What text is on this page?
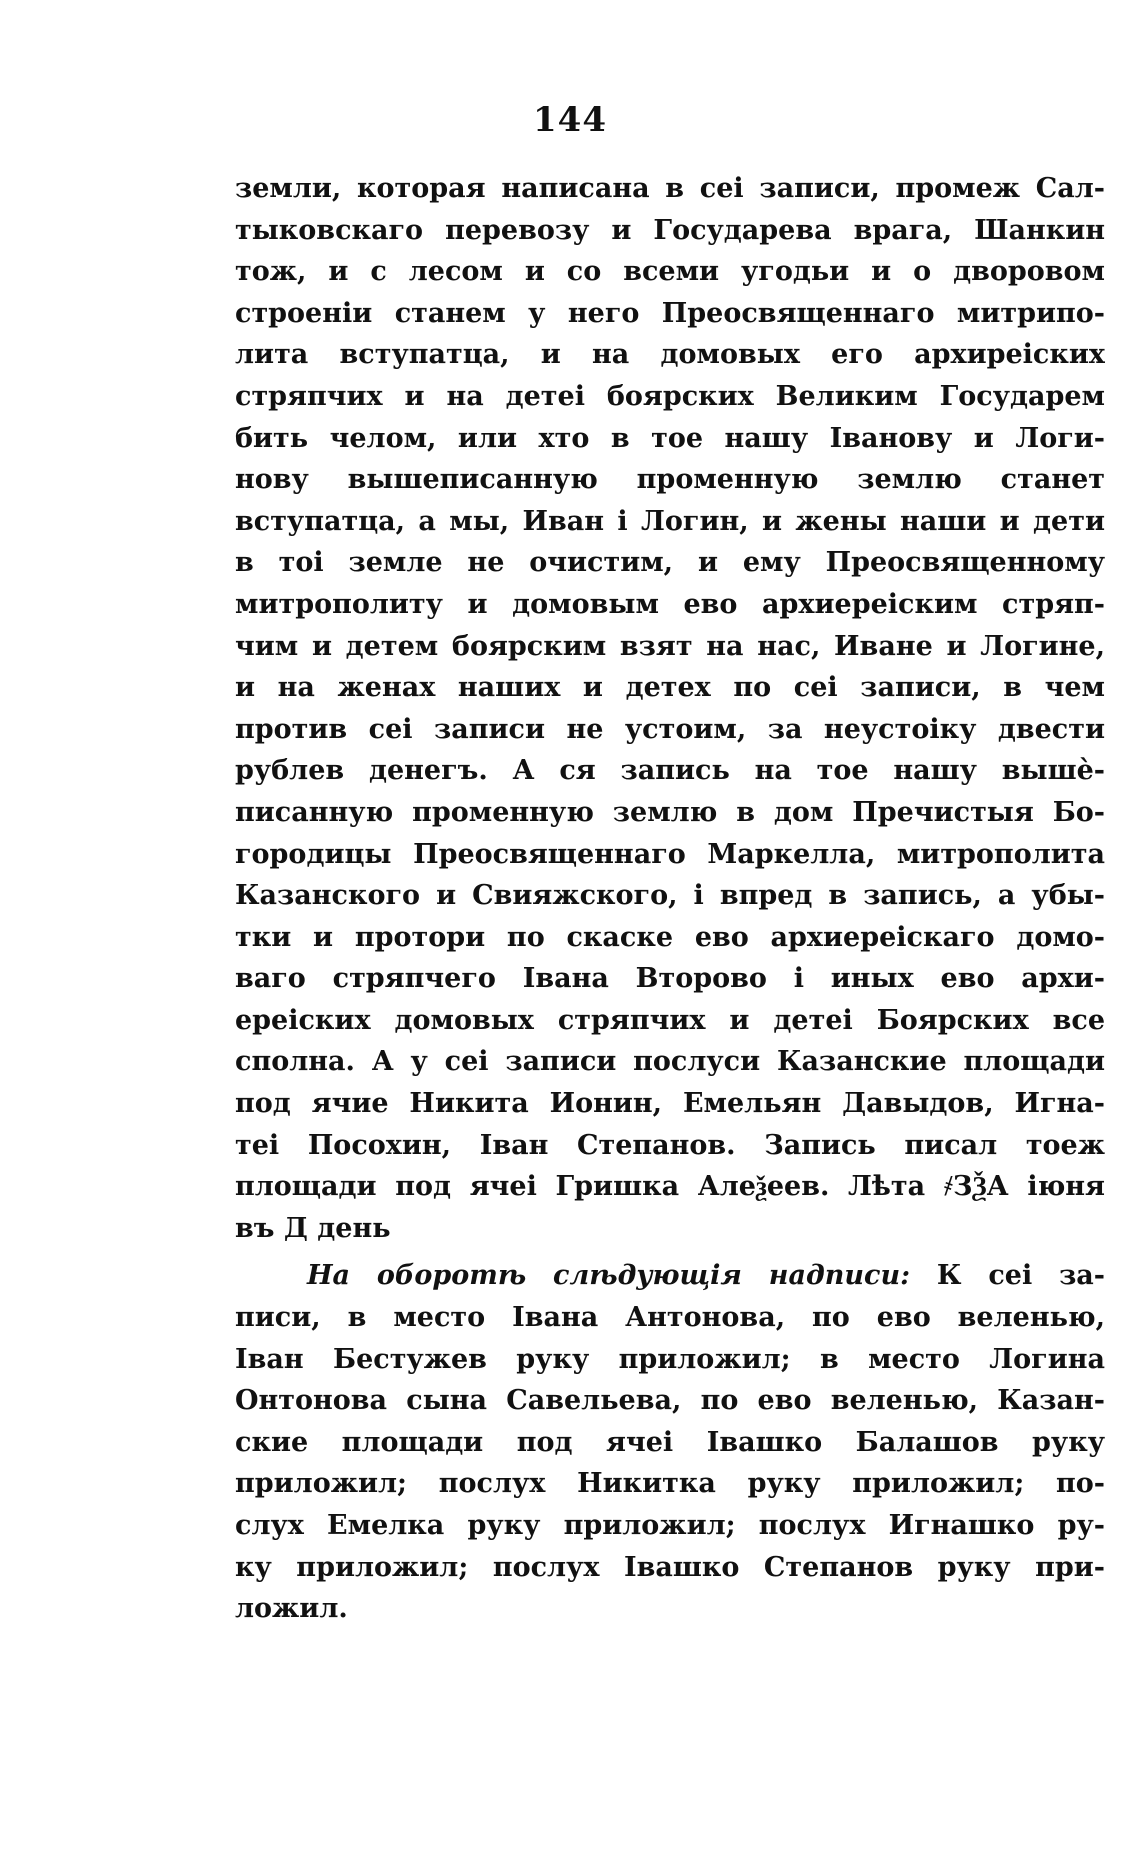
144
земли, которая написана в сеі записи, промеж Сал-
тыковскаго перевозу и Государева врага, Шанкин
тож, и с лесом и со всеми угодьи и о дворовом
строеніи станем у него Преосвященнаго митрипо-
лита вступатца, и на домовых его архиреіских
стряпчих и на детеі боярских Великим Государем
бить челом, или хто в тое нашу Іванову и Логи-
нову вышеписанную променную землю станет
вступатца, а мы, Иван і Логин, и жены наши и дети
в тоі земле не очистим, и ему Преосвященному
митрополиту и домовым ево архиереіским стряп-
чим и детем боярским взят на нас, Иване и Логине,
и на женах наших и детех по сеі записи, в чем
против сеі записи не устоим, за неустоіку двести
рублев денегъ. А ся запись на тое нашу вышѐ-
писанную променную землю в дом Пречистыя Бо-
городицы Преосвященнаго Маркелла, митрополита
Казанского и Свияжского, і впред в запись, а убы-
тки и протори по скаске ево архиереіскаго домо-
ваго стряпчего Івана Второво і иных ево архи-
ереіских домовых стряпчих и детеі Боярских все
сполна. А у сеі записи послуси Казанские площади
под ячие Никита Ионин, Емельян Давыдов, Игна-
теі Посохин, Іван Степанов. Запись писал тоеж
площади под ячеі Гришка Алеѯеев. Лѣта ҂ЗѮА іюня
въ Д день
На оборотѣ слѣдующія надписи: К сеі за-
писи, в место Івана Антонова, по ево веленью,
Іван Бестужев руку приложил; в место Логина
Онтонова сына Савельева, по ево веленью, Казан-
ские площади под ячеі Івашко Балашов руку
приложил; послух Никитка руку приложил; по-
слух Емелка руку приложил; послух Игнашко ру-
ку приложил; послух Івашко Степанов руку при-
ложил.
